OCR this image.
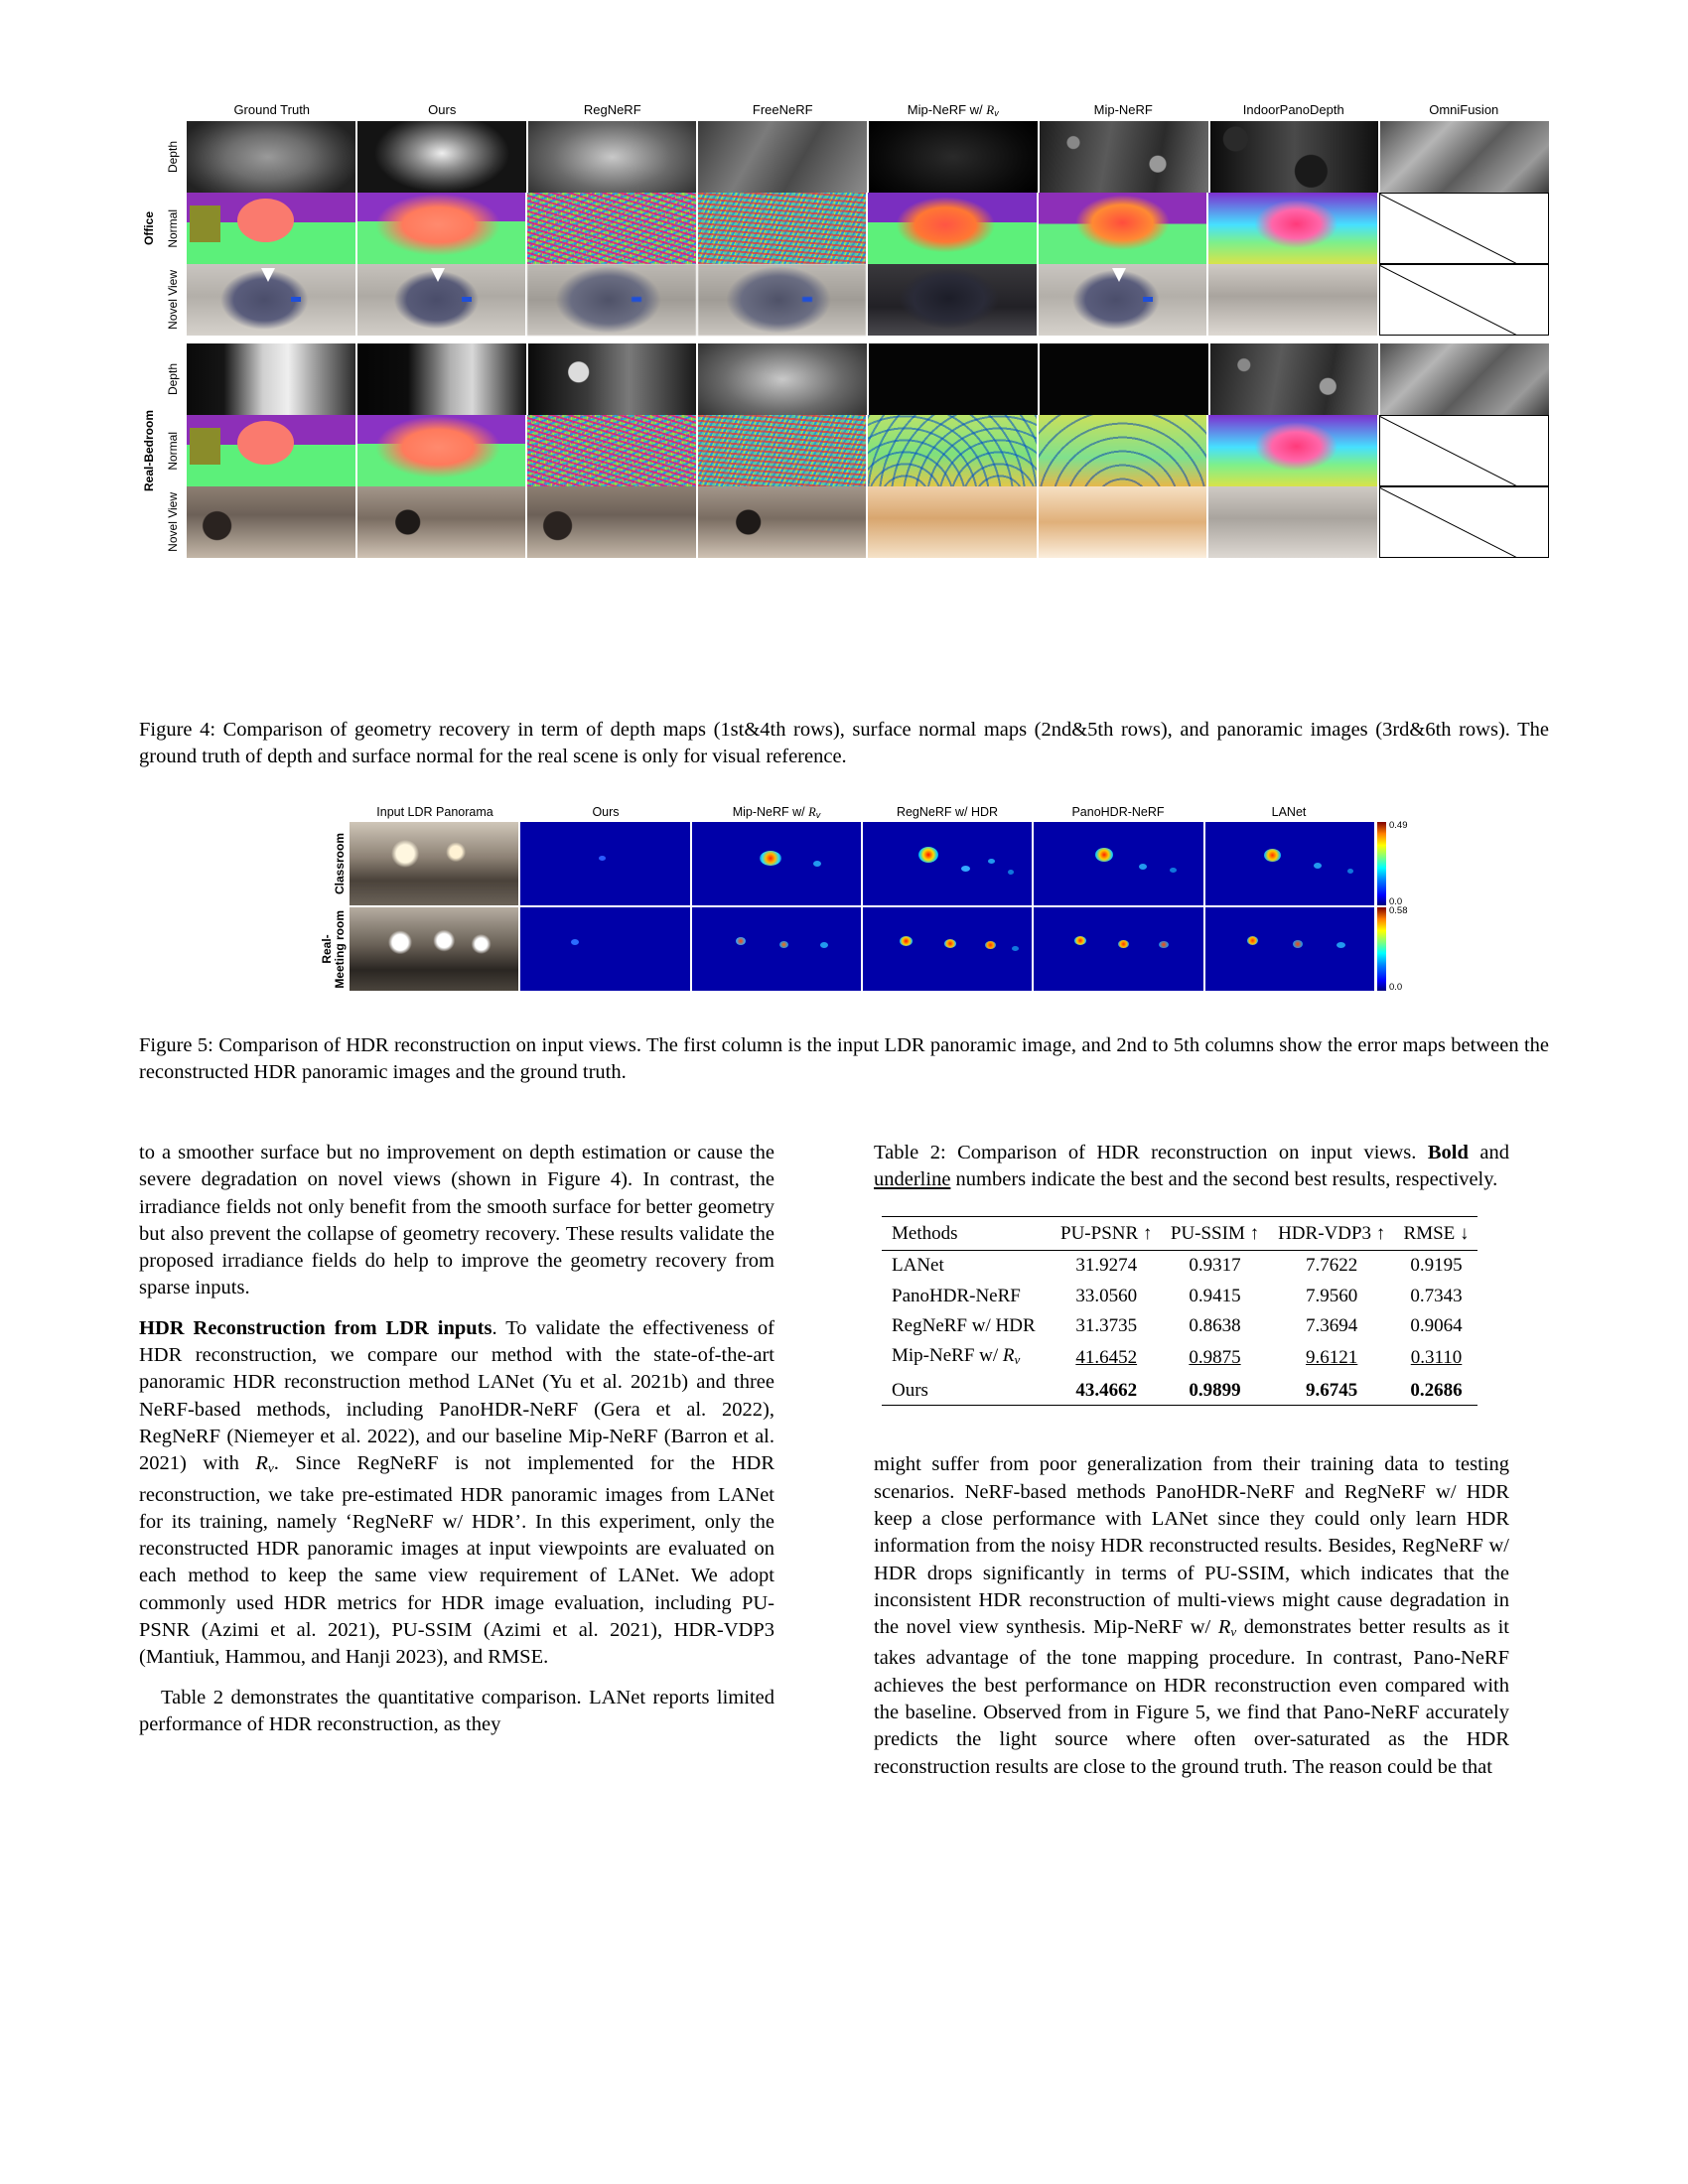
Ground Truth	Ours	RegNeRF	FreeNeRF	Mip-NeRF w/ $R_v$	Mip-NeRF	IndoorPanoDepth	OmniFusion
Office
Depth
Normal
Novel View
Real-Bedroom
Depth
Normal
Novel View
Figure 4: Comparison of geometry recovery in term of depth maps (1st&4th rows), surface normal maps (2nd&5th rows), and panoramic images (3rd&6th rows). The ground truth of depth and surface normal for the real scene is only for visual reference.
Input LDR Panorama	Ours	Mip-NeRF w/ $R_v$	RegNeRF w/ HDR	PanoHDR-NeRF	LANet
Classroom
0.49
0.0
Real-
Meeting room	0.58
0.0
Figure 5: Comparison of HDR reconstruction on input views. The first column is the input LDR panoramic image, and 2nd to 5th columns show the error maps between the reconstructed HDR panoramic images and the ground truth.

to a smoother surface but no improvement on depth estimation or cause the severe degradation on novel views (shown in Figure 4). In contrast, the irradiance fields not only benefit from the smooth surface for better geometry but also prevent the collapse of geometry recovery. These results validate the proposed irradiance fields do help to improve the geometry recovery from sparse inputs.

HDR Reconstruction from LDR inputs. To validate the effectiveness of HDR reconstruction, we compare our method with the state-of-the-art panoramic HDR reconstruction method LANet (Yu et al. 2021b) and three NeRF-based methods, including PanoHDR-NeRF (Gera et al. 2022), RegNeRF (Niemeyer et al. 2022), and our baseline Mip-NeRF (Barron et al. 2021) with Rv. Since RegNeRF is not implemented for the HDR reconstruction, we take pre-estimated HDR panoramic images from LANet for its training, namely ‘RegNeRF w/ HDR’. In this experiment, only the reconstructed HDR panoramic images at input viewpoints are evaluated on each method to keep the same view requirement of LANet. We adopt commonly used HDR metrics for HDR image evaluation, including PU-PSNR (Azimi et al. 2021), PU-SSIM (Azimi et al. 2021), HDR-VDP3 (Mantiuk, Hammou, and Hanji 2023), and RMSE.

Table 2 demonstrates the quantitative comparison. LANet reports limited performance of HDR reconstruction, as they

Table 2: Comparison of HDR reconstruction on input views. Bold and underline numbers indicate the best and the second best results, respectively.
Methods	PU-PSNR ↑	PU-SSIM ↑	HDR-VDP3 ↑	RMSE ↓
LANet	31.9274	0.9317	7.7622	0.9195
PanoHDR-NeRF	33.0560	0.9415	7.9560	0.7343
RegNeRF w/ HDR	31.3735	0.8638	7.3694	0.9064
Mip-NeRF w/ Rv	41.6452	0.9875	9.6121	0.3110
Ours	43.4662	0.9899	9.6745	0.2686

might suffer from poor generalization from their training data to testing scenarios. NeRF-based methods PanoHDR-NeRF and RegNeRF w/ HDR keep a close performance with LANet since they could only learn HDR information from the noisy HDR reconstructed results. Besides, RegNeRF w/ HDR drops significantly in terms of PU-SSIM, which indicates that the inconsistent HDR reconstruction of multi-views might cause degradation in the novel view synthesis. Mip-NeRF w/ Rv demonstrates better results as it takes advantage of the tone mapping procedure. In contrast, Pano-NeRF achieves the best performance on HDR reconstruction even compared with the baseline. Observed from in Figure 5, we find that Pano-NeRF accurately predicts the light source where often over-saturated as the HDR reconstruction results are close to the ground truth. The reason could be that
